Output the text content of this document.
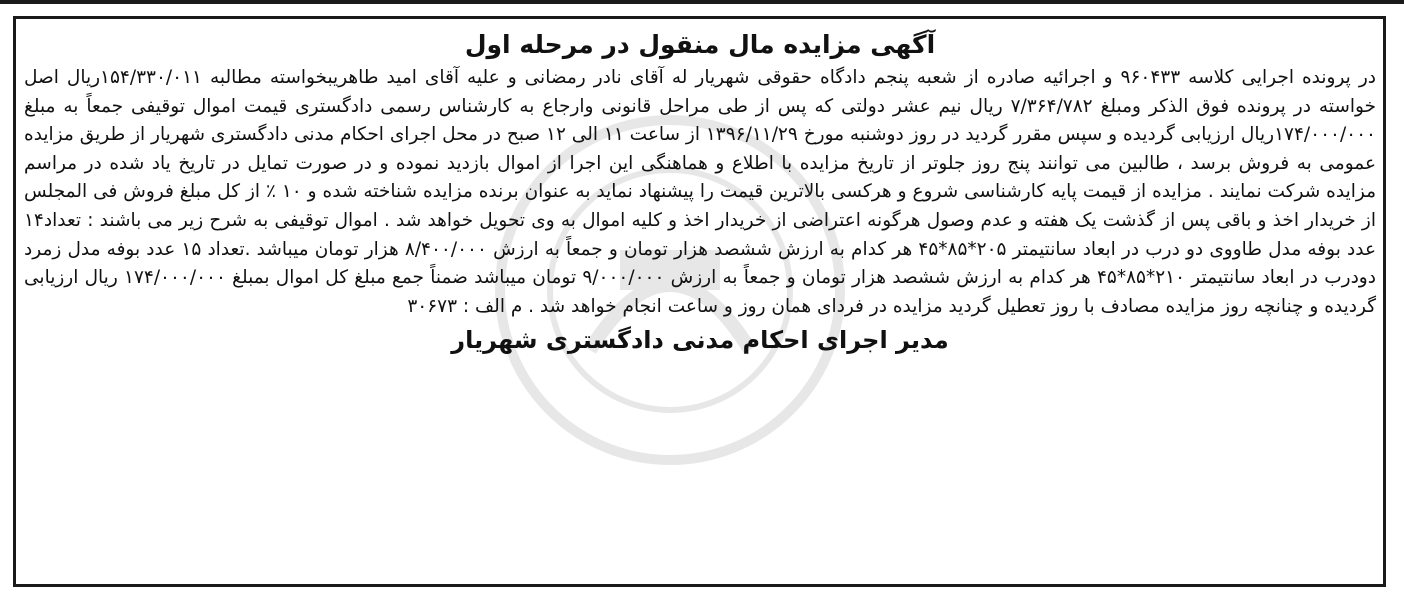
آگهی مزایده مال منقول در مرحله اول

در پرونده اجرایی کلاسه ۹۶۰۴۳۳ و اجرائیه صادره از شعبه پنجم دادگاه حقوقی شهریار له آقای نادر رمضانی و علیه آقای امید طاهریبخواسته مطالبه ۱۵۴/۳۳۰/۰۱۱ریال اصل خواسته در پرونده فوق الذکر ومبلغ ۷/۳۶۴/۷۸۲ ریال نیم عشر دولتی که پس از طی مراحل قانونی وارجاع به کارشناس رسمی دادگستری قیمت اموال توقیفی جمعاً به مبلغ ۱۷۴/۰۰۰/۰۰۰ریال ارزیابی گردیده و سپس مقرر گردید در روز دوشنبه مورخ ۱۳۹۶/۱۱/۲۹ از ساعت ۱۱ الی ۱۲ صبح در محل اجرای احکام مدنی دادگستری شهریار از طریق مزایده عمومی به فروش برسد ، طالبین می توانند پنج روز جلوتر از تاریخ مزایده با اطلاع و هماهنگی این اجرا از اموال بازدید نموده و در صورت تمایل در تاریخ یاد شده در مراسم مزایده شرکت نمایند . مزایده از قیمت پایه کارشناسی شروع و هرکسی بالاترین قیمت را پیشنهاد نماید به عنوان برنده مزایده شناخته شده و ۱۰ ٪ از کل مبلغ فروش فی المجلس از خریدار اخذ و باقی پس از گذشت یک هفته و عدم وصول هرگونه اعتراضی از خریدار اخذ و کلیه اموال به وی تحویل خواهد شد . اموال توقیفی به شرح زیر می باشند : تعداد۱۴ عدد بوفه مدل طاووی دو درب در ابعاد سانتیمتر ۲۰۵*۸۵*۴۵ هر کدام به ارزش ششصد هزار تومان و جمعاً به ارزش ۸/۴۰۰/۰۰۰ هزار تومان میباشد .تعداد ۱۵ عدد بوفه مدل زمرد دودرب در ابعاد سانتیمتر ۲۱۰*۸۵*۴۵ هر کدام به ارزش ششصد هزار تومان و جمعاً به ارزش ۹/۰۰۰/۰۰۰ تومان میباشد ضمناً جمع مبلغ کل اموال بمبلغ ۱۷۴/۰۰۰/۰۰۰ ریال ارزیابی گردیده و چنانچه روز مزایده مصادف با روز تعطیل گردید مزایده در فردای همان روز و ساعت انجام خواهد شد . م الف : ۳۰۶۷۳

مدیر اجرای احکام مدنی دادگستری شهریار
